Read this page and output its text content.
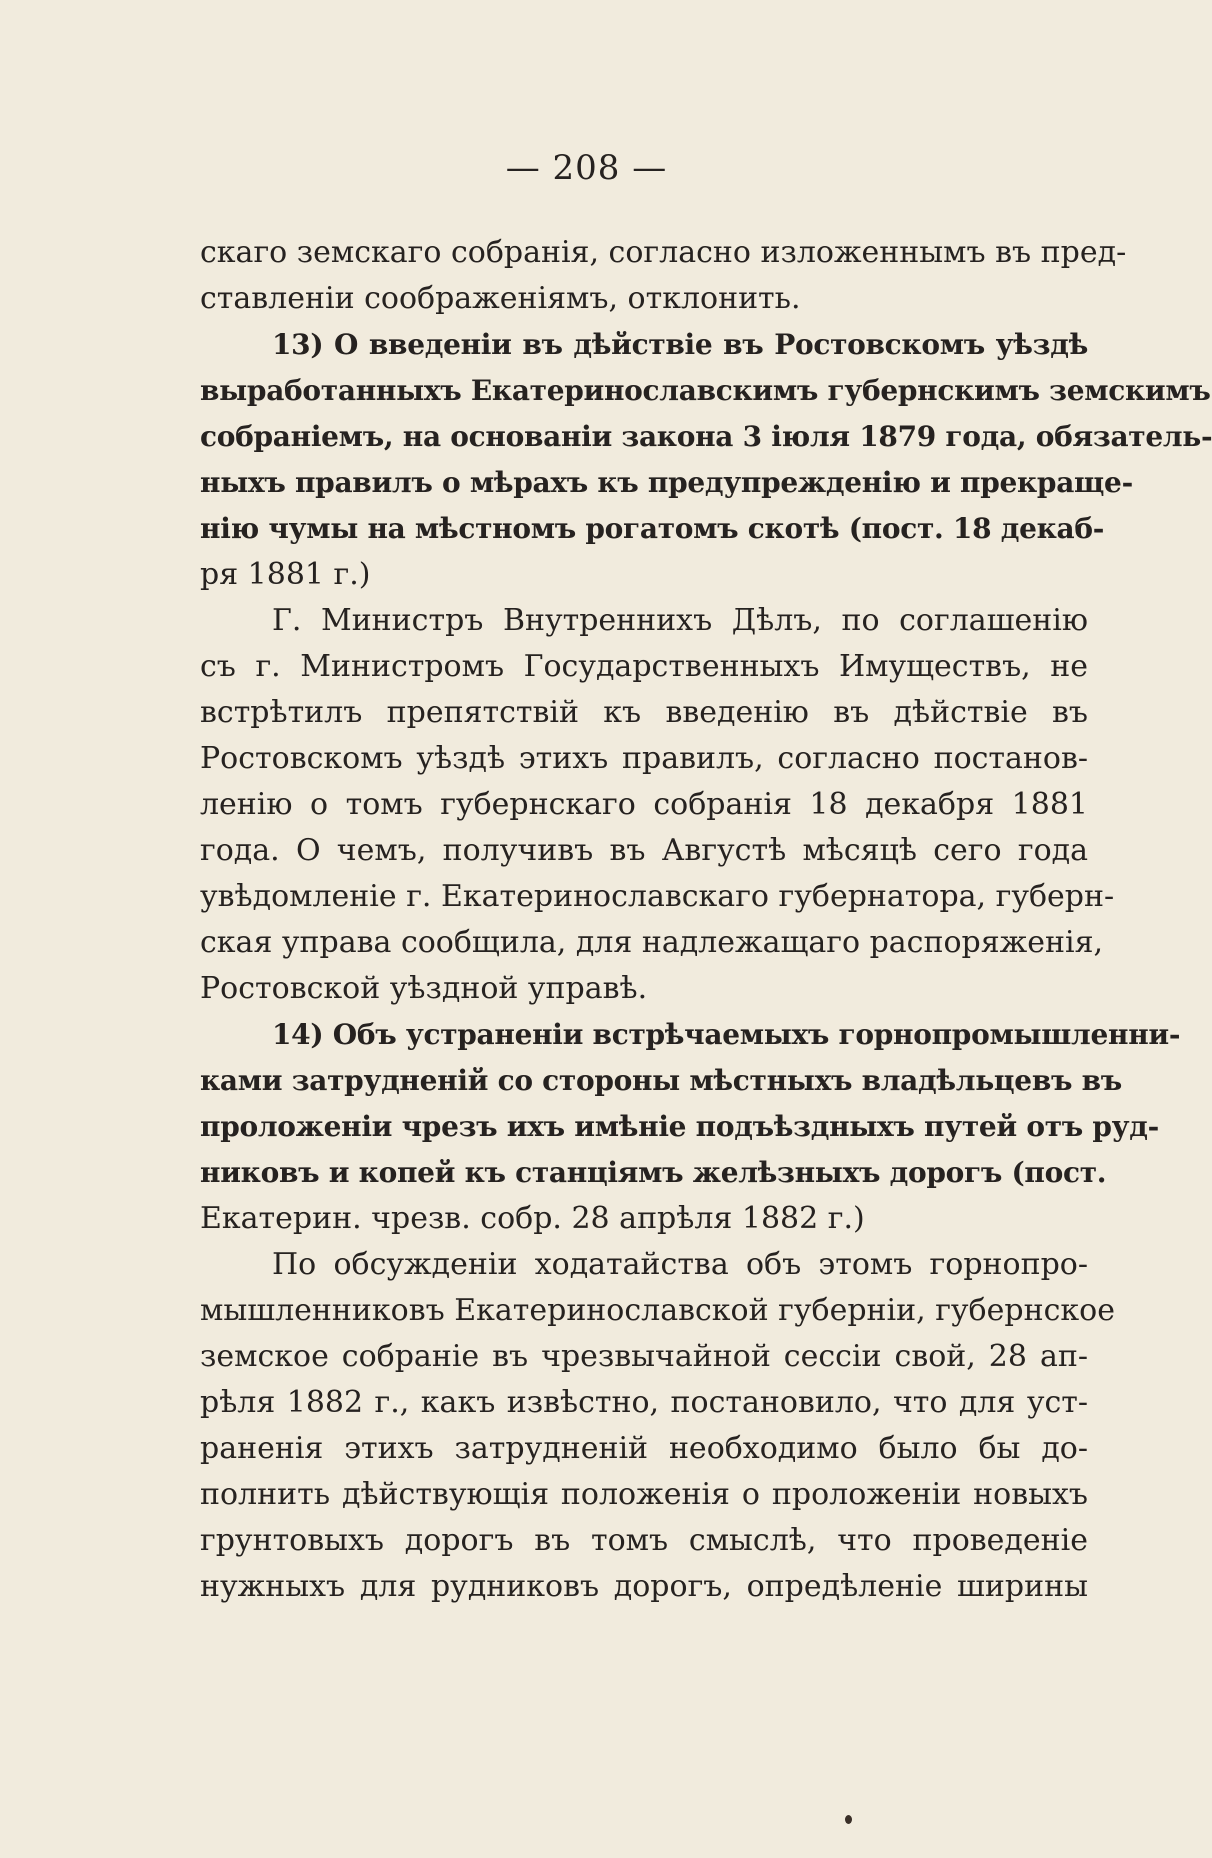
— 208 —
скаго земскаго собранія, согласно изложеннымъ въ пред-
ставленіи соображеніямъ, отклонить.
13) О введеніи въ дѣйствіе въ Ростовскомъ уѣздѣ
выработанныхъ Екатеринославскимъ губернскимъ земскимъ
собраніемъ, на основаніи закона 3 іюля 1879 года, обязатель-
ныхъ правилъ о мѣрахъ къ предупрежденію и прекраще-
нію чумы на мѣстномъ рогатомъ скотѣ (пост. 18 декаб-
ря 1881 г.)
Г. Министръ Внутреннихъ Дѣлъ, по соглашенію
съ г. Министромъ Государственныхъ Имуществъ, не
встрѣтилъ препятствій къ введенію въ дѣйствіе въ
Ростовскомъ уѣздѣ этихъ правилъ, согласно постанов-
ленію о томъ губернскаго собранія 18 декабря 1881
года. О чемъ, получивъ въ Августѣ мѣсяцѣ сего года
увѣдомленіе г. Екатеринославскаго губернатора, губерн-
ская управа сообщила, для надлежащаго распоряженія,
Ростовской уѣздной управѣ.
14) Объ устраненіи встрѣчаемыхъ горнопромышленни-
ками затрудненій со стороны мѣстныхъ владѣльцевъ въ
проложеніи чрезъ ихъ имѣніе подъѣздныхъ путей отъ руд-
никовъ и копей къ станціямъ желѣзныхъ дорогъ (пост.
Екатерин. чрезв. собр. 28 апрѣля 1882 г.)
По обсужденіи ходатайства объ этомъ горнопро-
мышленниковъ Екатеринославской губерніи, губернское
земское собраніе въ чрезвычайной сессіи свой, 28 ап-
рѣля 1882 г., какъ извѣстно, постановило, что для уст-
раненія этихъ затрудненій необходимо было бы до-
полнить дѣйствующія положенія о проложеніи новыхъ
грунтовыхъ дорогъ въ томъ смыслѣ, что проведеніе
нужныхъ для рудниковъ дорогъ, опредѣленіе ширины
